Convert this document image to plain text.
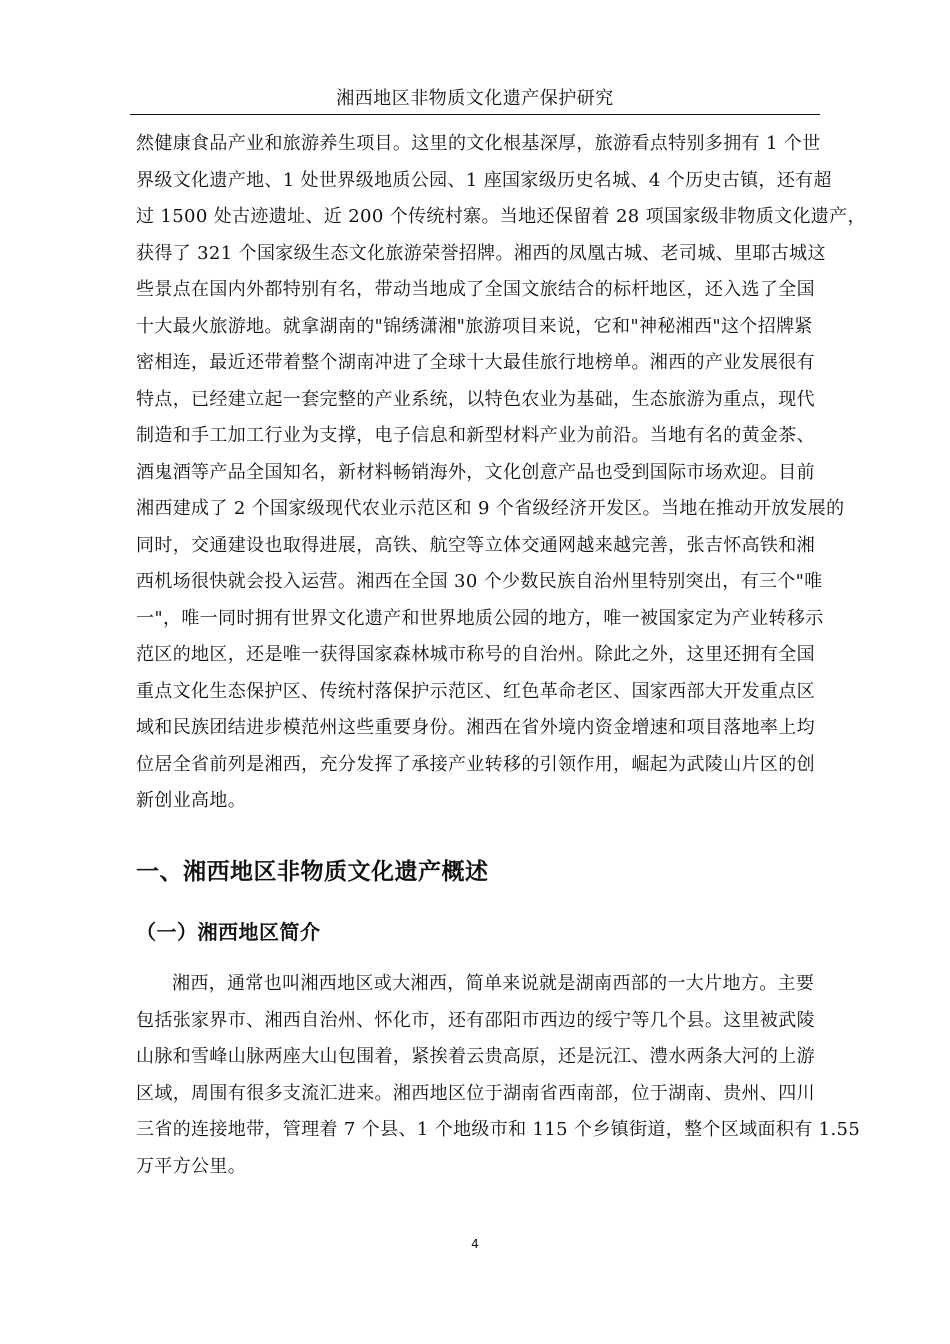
湘西地区非物质文化遗产保护研究
然健康食品产业和旅游养生项目。这里的文化根基深厚，旅游看点特别多拥有 1 个世
界级文化遗产地、1 处世界级地质公园、1 座国家级历史名城、4 个历史古镇，还有超
过 1500 处古迹遗址、近 200 个传统村寨。当地还保留着 28 项国家级非物质文化遗产，
获得了 321 个国家级生态文化旅游荣誉招牌。湘西的凤凰古城、老司城、里耶古城这
些景点在国内外都特别有名，带动当地成了全国文旅结合的标杆地区，还入选了全国
十大最火旅游地。就拿湖南的"锦绣潇湘"旅游项目来说，它和"神秘湘西"这个招牌紧
密相连，最近还带着整个湖南冲进了全球十大最佳旅行地榜单。湘西的产业发展很有
特点，已经建立起一套完整的产业系统，以特色农业为基础，生态旅游为重点，现代
制造和手工加工行业为支撑，电子信息和新型材料产业为前沿。当地有名的黄金茶、
酒鬼酒等产品全国知名，新材料畅销海外，文化创意产品也受到国际市场欢迎。目前
湘西建成了 2 个国家级现代农业示范区和 9 个省级经济开发区。当地在推动开放发展的
同时，交通建设也取得进展，高铁、航空等立体交通网越来越完善，张吉怀高铁和湘
西机场很快就会投入运营。湘西在全国 30 个少数民族自治州里特别突出，有三个"唯
一"，唯一同时拥有世界文化遗产和世界地质公园的地方，唯一被国家定为产业转移示
范区的地区，还是唯一获得国家森林城市称号的自治州。除此之外，这里还拥有全国
重点文化生态保护区、传统村落保护示范区、红色革命老区、国家西部大开发重点区
域和民族团结进步模范州这些重要身份。湘西在省外境内资金增速和项目落地率上均
位居全省前列是湘西，充分发挥了承接产业转移的引领作用，崛起为武陵山片区的创
新创业高地。
一、湘西地区非物质文化遗产概述
（一）湘西地区简介
湘西，通常也叫湘西地区或大湘西，简单来说就是湖南西部的一大片地方。主要
包括张家界市、湘西自治州、怀化市，还有邵阳市西边的绥宁等几个县。这里被武陵
山脉和雪峰山脉两座大山包围着，紧挨着云贵高原，还是沅江、澧水两条大河的上游
区域，周围有很多支流汇进来。湘西地区位于湖南省西南部，位于湖南、贵州、四川
三省的连接地带，管理着 7 个县、1 个地级市和 115 个乡镇街道，整个区域面积有 1.55
万平方公里。
4
